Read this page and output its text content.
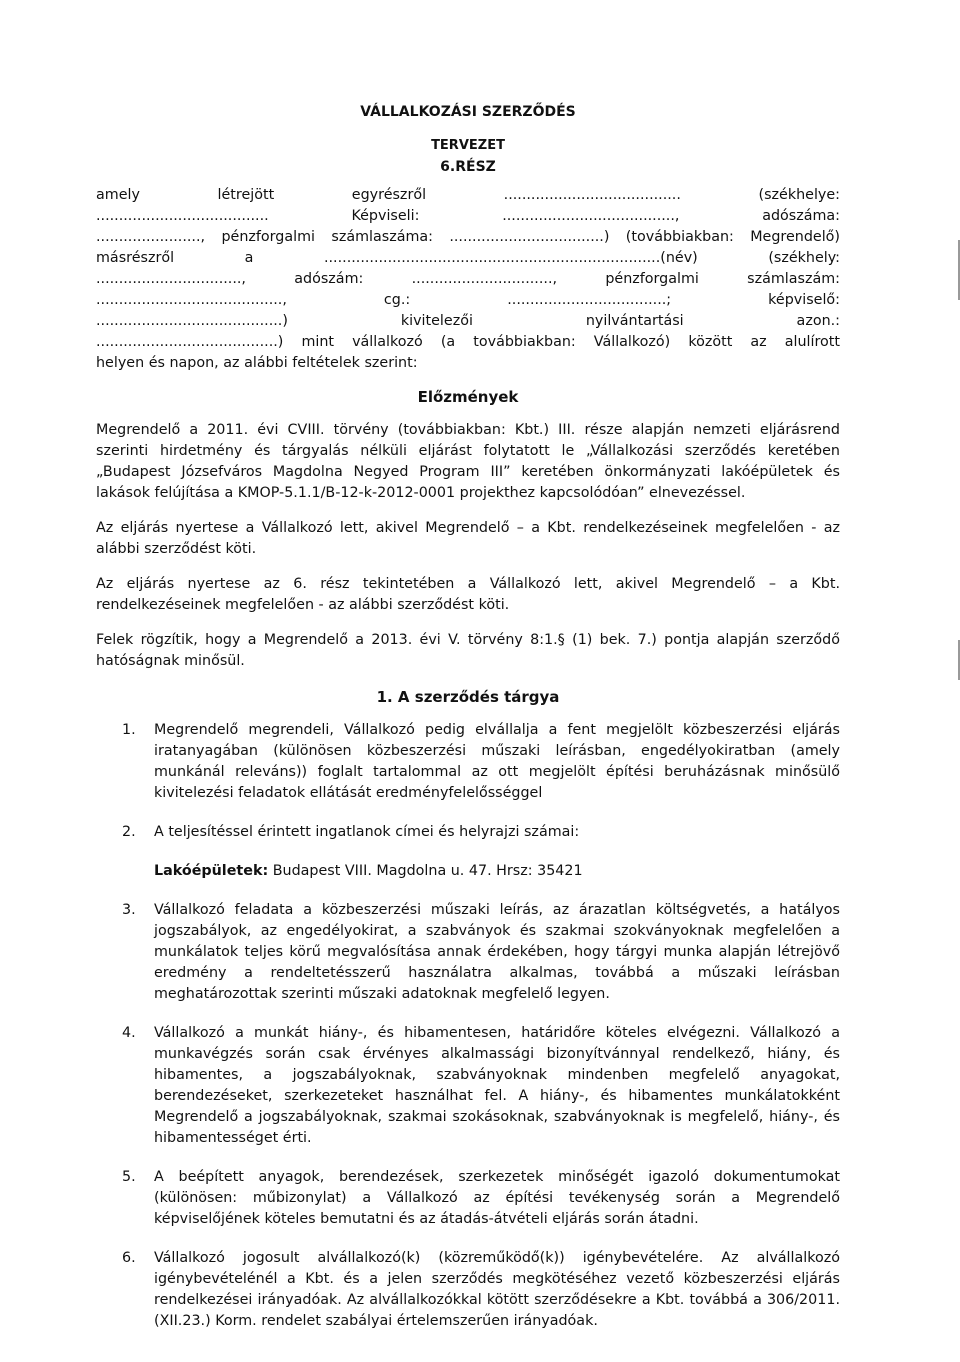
VÁLLALKOZÁSI SZERZŐDÉS

TERVEZET

6.RÉSZ

amely létrejött egyrészről ....................................... (székhelye:

...................................... Képviseli: ......................................, adószáma:

......................., pénzforgalmi számlaszáma: ..................................) (továbbiakban: Megrendelő)

másrészről a ..........................................................................(név) (székhely:

................................, adószám: ..............................., pénzforgalmi számlaszám:

........................................., cg.: ...................................; képviselő:

.........................................) kivitelezői nyilvántartási azon.:

........................................) mint vállalkozó (a továbbiakban: Vállalkozó) között az alulírott

helyen és napon, az alábbi feltételek szerint:

Előzmények

Megrendelő a 2011. évi CVIII. törvény (továbbiakban: Kbt.) III. része alapján nemzeti eljárásrend szerinti hirdetmény és tárgyalás nélküli eljárást folytatott le „Vállalkozási szerződés keretében „Budapest Józsefváros Magdolna Negyed Program III” keretében önkormányzati lakóépületek és lakások felújítása a KMOP-5.1.1/B-12-k-2012-0001 projekthez kapcsolódóan” elnevezéssel.

Az eljárás nyertese a Vállalkozó lett, akivel Megrendelő – a Kbt. rendelkezéseinek megfelelően - az alábbi szerződést köti.

Az eljárás nyertese az 6. rész tekintetében a Vállalkozó lett, akivel Megrendelő – a Kbt. rendelkezéseinek megfelelően - az alábbi szerződést köti.

Felek rögzítik, hogy a Megrendelő a 2013. évi V. törvény 8:1.§ (1) bek. 7.) pontja alapján szerződő hatóságnak minősül.

1. A szerződés tárgya

1.	Megrendelő megrendeli, Vállalkozó pedig elvállalja a fent megjelölt közbeszerzési eljárás iratanyagában (különösen közbeszerzési műszaki leírásban, engedélyokiratban (amely munkánál releváns)) foglalt tartalommal az ott megjelölt építési beruházásnak minősülő kivitelezési feladatok ellátását eredményfelelősséggel
2.	A teljesítéssel érintett ingatlanok címei és helyrajzi számai:
Lakóépületek: Budapest VIII. Magdolna u. 47. Hrsz: 35421
3.	Vállalkozó feladata a közbeszerzési műszaki leírás, az árazatlan költségvetés, a hatályos jogszabályok, az engedélyokirat, a szabványok és szakmai szokványoknak megfelelően a munkálatok teljes körű megvalósítása annak érdekében, hogy tárgyi munka alapján létrejövő eredmény a rendeltetésszerű használatra alkalmas, továbbá a műszaki leírásban meghatározottak szerinti műszaki adatoknak megfelelő legyen.
4.	Vállalkozó a munkát hiány-, és hibamentesen, határidőre köteles elvégezni. Vállalkozó a munkavégzés során csak érvényes alkalmassági bizonyítvánnyal rendelkező, hiány, és hibamentes, a jogszabályoknak, szabványoknak mindenben megfelelő anyagokat, berendezéseket, szerkezeteket használhat fel. A hiány-, és hibamentes munkálatokként Megrendelő a jogszabályoknak, szakmai szokásoknak, szabványoknak is megfelelő, hiány-, és hibamentességet érti.
5.	A beépített anyagok, berendezések, szerkezetek minőségét igazoló dokumentumokat (különösen: műbizonylat) a Vállalkozó az építési tevékenység során a Megrendelő képviselőjének köteles bemutatni és az átadás-átvételi eljárás során átadni.
6.	Vállalkozó jogosult alvállalkozó(k) (közreműködő(k)) igénybevételére. Az alvállalkozó igénybevételénél a Kbt. és a jelen szerződés megkötéséhez vezető közbeszerzési eljárás rendelkezései irányadóak. Az alvállalkozókkal kötött szerződésekre a Kbt. továbbá a 306/2011. (XII.23.) Korm. rendelet szabályai értelemszerűen irányadóak.
